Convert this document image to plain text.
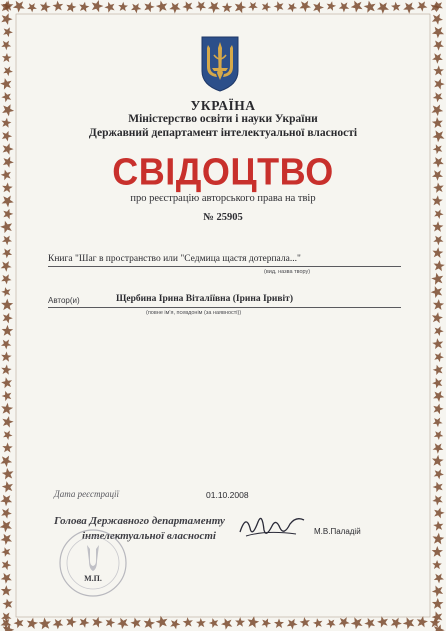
УКРАЇНА
Міністерство освіти і науки України
Державний департамент інтелектуальної власності
СВІДОЦТВО
про реєстрацію авторського права на твір
№ 25905
Книга "Шаг в пространство или "Седмица щастя дотерпала..."
(вид, назва твору)
Автор(и)	Щербина Ірина Віталіївна (Ірина Іривіт)
(повне ім'я, псевдонім (за наявності))
Дата реєстрації	01.10.2008
Голова Державного департаменту
інтелектуальної власності	М.В.Паладій
М.П.
